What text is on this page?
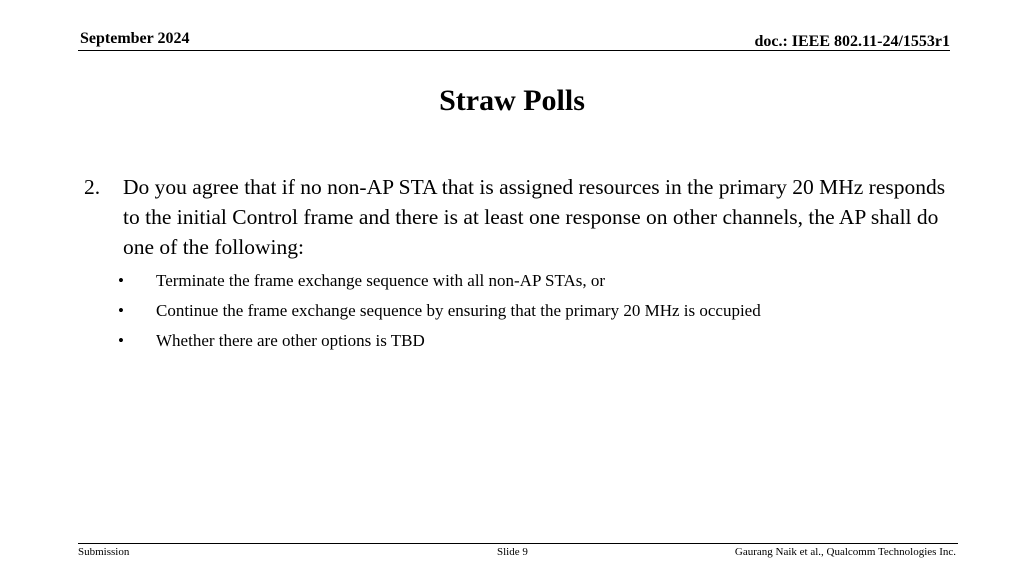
September 2024	doc.: IEEE 802.11-24/1553r1
Straw Polls
2. Do you agree that if no non-AP STA that is assigned resources in the primary 20 MHz responds to the initial Control frame and there is at least one response on other channels, the AP shall do one of the following:
• Terminate the frame exchange sequence with all non-AP STAs, or
• Continue the frame exchange sequence by ensuring that the primary 20 MHz is occupied
• Whether there are other options is TBD
Submission	Slide 9	Gaurang Naik et al., Qualcomm Technologies Inc.
